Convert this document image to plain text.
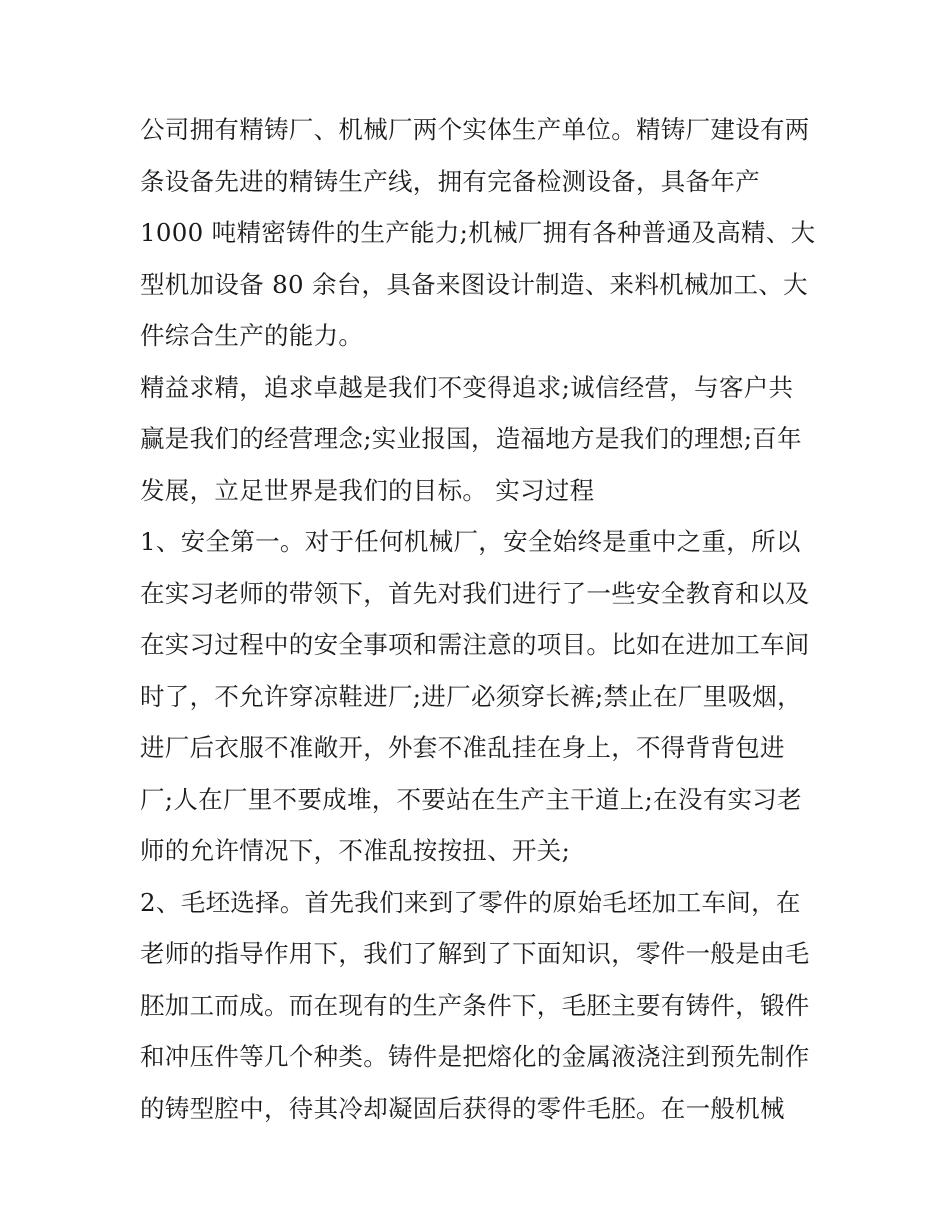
公司拥有精铸厂、机械厂两个实体生产单位。精铸厂建设有两
条设备先进的精铸生产线，拥有完备检测设备，具备年产
1000 吨精密铸件的生产能力;机械厂拥有各种普通及高精、大
型机加设备 80 余台，具备来图设计制造、来料机械加工、大
件综合生产的能力。
精益求精，追求卓越是我们不变得追求;诚信经营，与客户共
赢是我们的经营理念;实业报国，造福地方是我们的理想;百年
发展，立足世界是我们的目标。 实习过程
1、安全第一。对于任何机械厂，安全始终是重中之重，所以
在实习老师的带领下，首先对我们进行了一些安全教育和以及
在实习过程中的安全事项和需注意的项目。比如在进加工车间
时了，不允许穿凉鞋进厂;进厂必须穿长裤;禁止在厂里吸烟，
进厂后衣服不准敞开，外套不准乱挂在身上，不得背背包进
厂;人在厂里不要成堆，不要站在生产主干道上;在没有实习老
师的允许情况下，不准乱按按扭、开关;
2、毛坯选择。首先我们来到了零件的原始毛坯加工车间，在
老师的指导作用下，我们了解到了下面知识，零件一般是由毛
胚加工而成。而在现有的生产条件下，毛胚主要有铸件，锻件
和冲压件等几个种类。铸件是把熔化的金属液浇注到预先制作
的铸型腔中，待其冷却凝固后获得的零件毛胚。在一般机械
